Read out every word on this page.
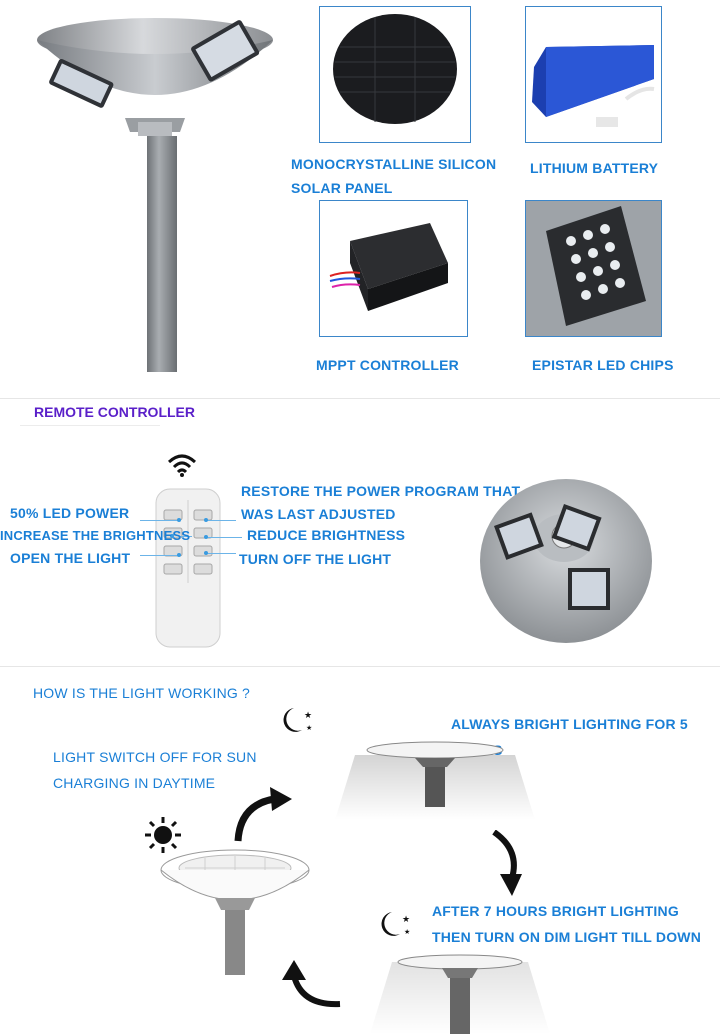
MONOCRYSTALLINE SILICON
SOLAR PANEL
LITHIUM BATTERY
MPPT CONTROLLER	EPISTAR LED CHIPS
REMOTE CONTROLLER
50% LED POWER
INCREASE THE BRIGHTNESS
OPEN THE LIGHT
RESTORE THE POWER PROGRAM THAT
WAS LAST ADJUSTED
REDUCE BRIGHTNESS
TURN OFF THE LIGHT
HOW IS THE LIGHT WORKING ?
★
★
LIGHT SWITCH OFF FOR SUN
CHARGING IN DAYTIME
ALWAYS BRIGHT LIGHTING FOR 5
★
★
AFTER 7 HOURS BRIGHT LIGHTING
THEN TURN ON DIM LIGHT TILL DOWN
